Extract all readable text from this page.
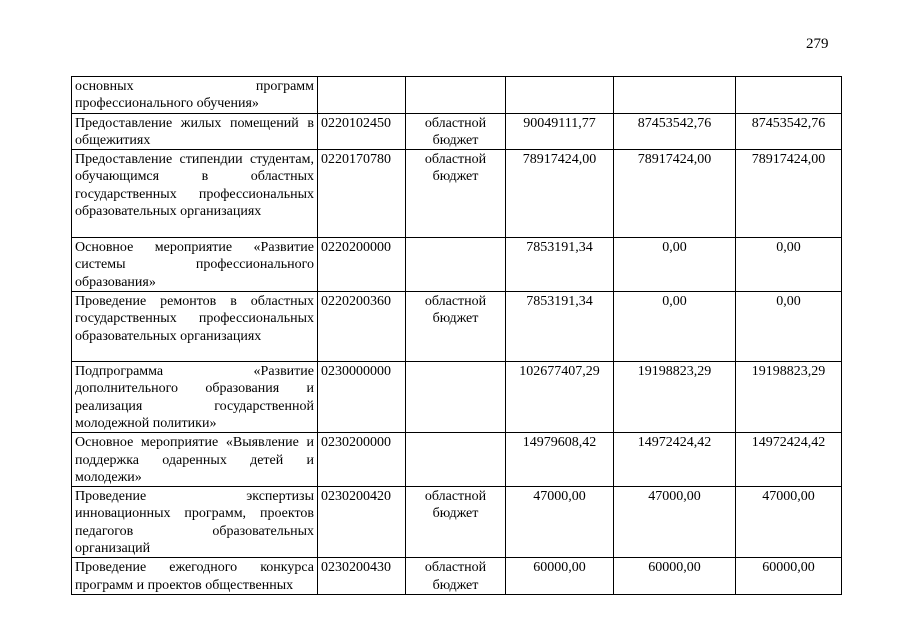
279
основных программ профессионального обучения»					
Предоставление жилых помещений в общежитиях	0220102450	областной бюджет	90049111,77	87453542,76	87453542,76
Предоставление стипендии студентам, обучающимся в областных государственных профессиональных образовательных организациях	0220170780	областной бюджет	78917424,00	78917424,00	78917424,00
Основное мероприятие «Развитие системы профессионального образования»	0220200000		7853191,34	0,00	0,00
Проведение ремонтов в областных государственных профессиональных образовательных организациях	0220200360	областной бюджет	7853191,34	0,00	0,00
Подпрограмма «Развитие дополнительного образования и реализация государственной молодежной политики»	0230000000		102677407,29	19198823,29	19198823,29
Основное мероприятие «Выявление и поддержка одаренных детей и молодежи»	0230200000		14979608,42	14972424,42	14972424,42
Проведение экспертизы инновационных программ, проектов педагогов образовательных организаций	0230200420	областной бюджет	47000,00	47000,00	47000,00
Проведение ежегодного конкурса программ и проектов общественных	0230200430	областной бюджет	60000,00	60000,00	60000,00
